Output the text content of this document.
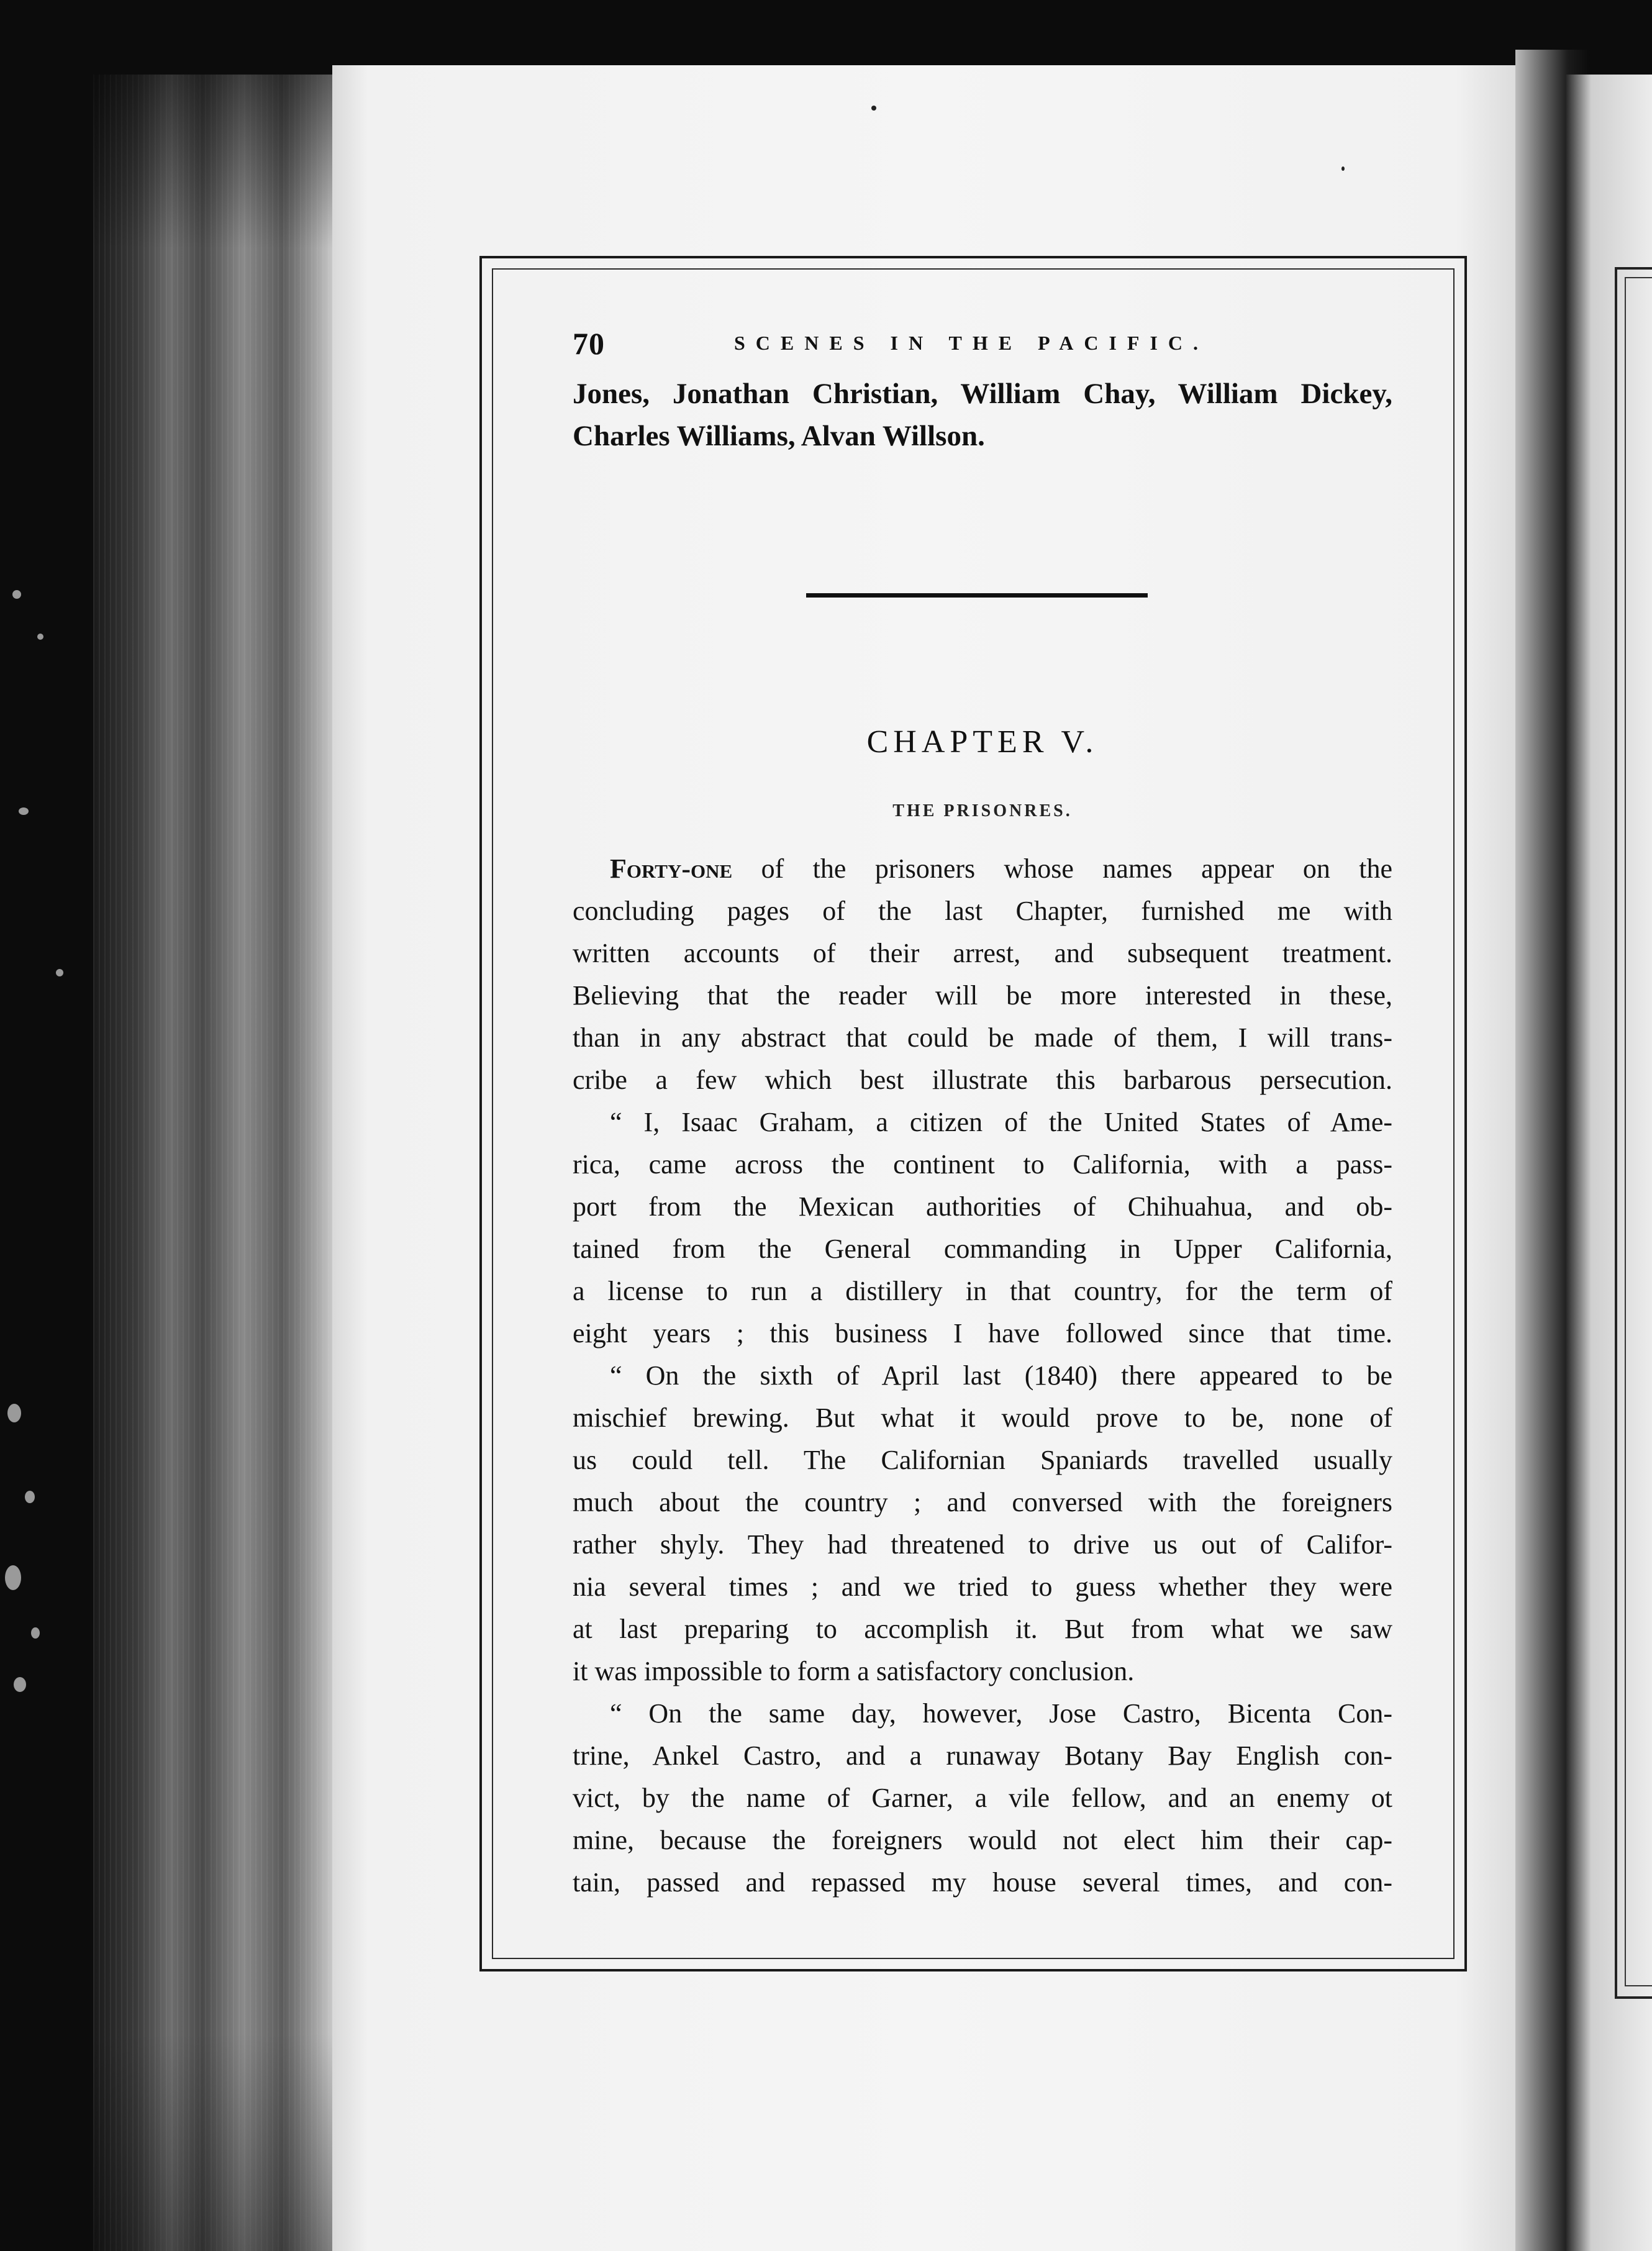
70	SCENES IN THE PACIFIC.
Jones, Jonathan Christian, William Chay, William Dickey,
Charles Williams, Alvan Willson.
CHAPTER V.
THE PRISONRES.
Forty-one of the prisoners whose names appear on the
concluding pages of the last Chapter, furnished me with
written accounts of their arrest, and subsequent treatment.
Believing that the reader will be more interested in these,
than in any abstract that could be made of them, I will trans-
cribe a few which best illustrate this barbarous persecution.
“ I, Isaac Graham, a citizen of the United States of Ame-
rica, came across the continent to California, with a pass-
port from the Mexican authorities of Chihuahua, and ob-
tained from the General commanding in Upper California,
a license to run a distillery in that country, for the term of
eight years ; this business I have followed since that time.
“ On the sixth of April last (1840) there appeared to be
mischief brewing. But what it would prove to be, none of
us could tell. The Californian Spaniards travelled usually
much about the country ; and conversed with the foreigners
rather shyly. They had threatened to drive us out of Califor-
nia several times ; and we tried to guess whether they were
at last preparing to accomplish it. But from what we saw
it was impossible to form a satisfactory conclusion.
“ On the same day, however, Jose Castro, Bicenta Con-
trine, Ankel Castro, and a runaway Botany Bay English con-
vict, by the name of Garner, a vile fellow, and an enemy ot
mine, because the foreigners would not elect him their cap-
tain, passed and repassed my house several times, and con-
